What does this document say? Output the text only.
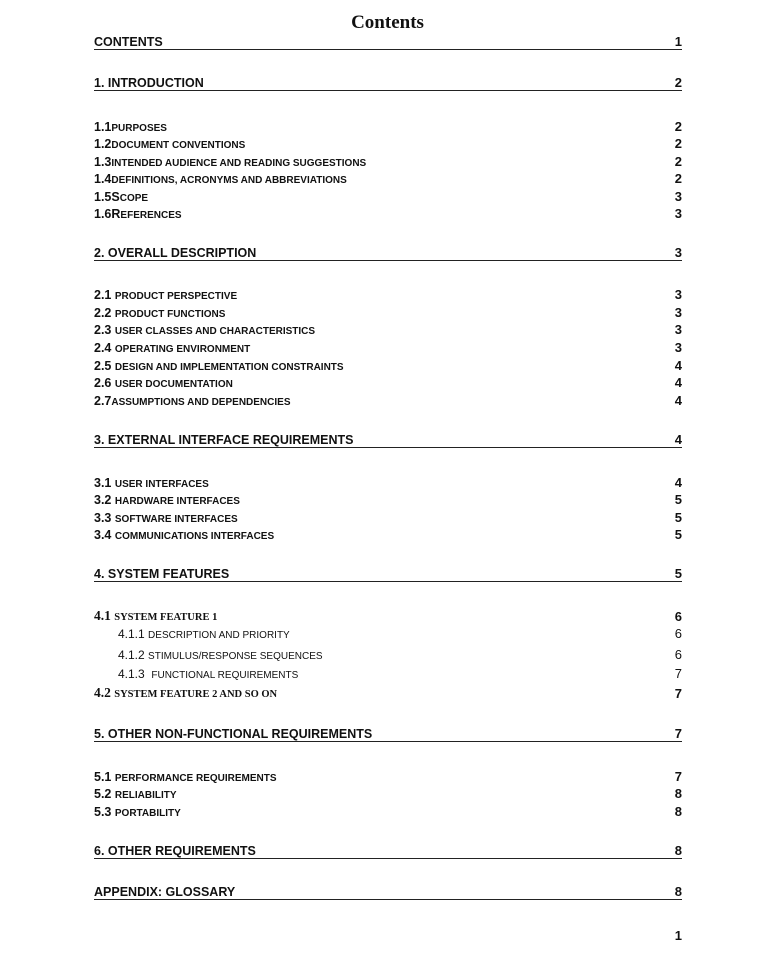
Contents
CONTENTS	1
1. INTRODUCTION	2
1.1PURPOSES	2
1.2DOCUMENT CONVENTIONS	2
1.3INTENDED AUDIENCE AND READING SUGGESTIONS	2
1.4DEFINITIONS, ACRONYMS AND ABBREVIATIONS	2
1.5SCOPE	3
1.6REFERENCES	3
2. OVERALL DESCRIPTION	3
2.1 PRODUCT PERSPECTIVE	3
2.2 PRODUCT FUNCTIONS	3
2.3 USER CLASSES AND CHARACTERISTICS	3
2.4 OPERATING ENVIRONMENT	3
2.5 DESIGN AND IMPLEMENTATION CONSTRAINTS	4
2.6 USER DOCUMENTATION	4
2.7ASSUMPTIONS AND DEPENDENCIES	4
3. EXTERNAL INTERFACE REQUIREMENTS	4
3.1 USER INTERFACES	4
3.2 HARDWARE INTERFACES	5
3.3 SOFTWARE INTERFACES	5
3.4 COMMUNICATIONS INTERFACES	5
4. SYSTEM FEATURES	5
4.1 SYSTEM FEATURE 1	6
4.1.1 DESCRIPTION AND PRIORITY	6
4.1.2 STIMULUS/RESPONSE SEQUENCES	6
4.1.3 FUNCTIONAL REQUIREMENTS	7
4.2 SYSTEM FEATURE 2 AND SO ON	7
5. OTHER NON-FUNCTIONAL REQUIREMENTS	7
5.1 PERFORMANCE REQUIREMENTS	7
5.2 RELIABILITY	8
5.3 PORTABILITY	8
6. OTHER REQUIREMENTS	8
APPENDIX: GLOSSARY	8
1
